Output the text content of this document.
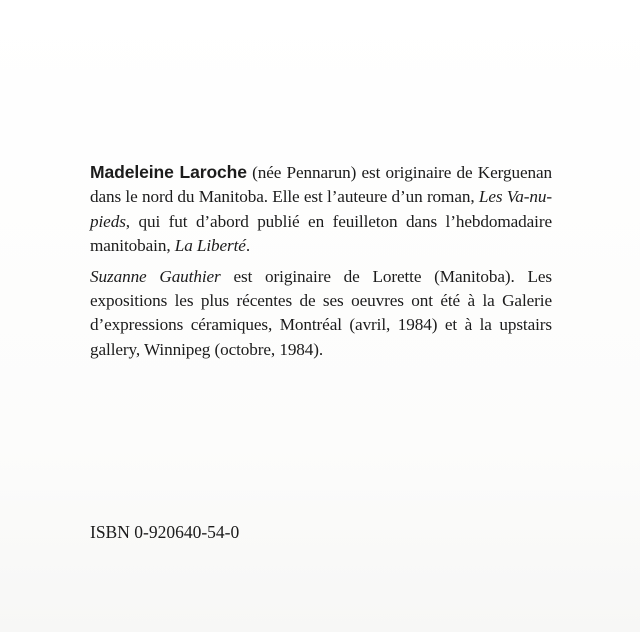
Madeleine Laroche (née Pennarun) est originaire de Kerguenan dans le nord du Manitoba. Elle est l’auteure d’un roman, Les Va-nu-pieds, qui fut d’abord publié en feuilleton dans l’hebdomadaire manitobain, La Liberté.

Suzanne Gauthier est originaire de Lorette (Manitoba). Les expositions les plus récentes de ses oeuvres ont été à la Galerie d’expressions céramiques, Montréal (avril, 1984) et à la upstairs gallery, Winnipeg (octobre, 1984).

ISBN 0-920640-54-0
